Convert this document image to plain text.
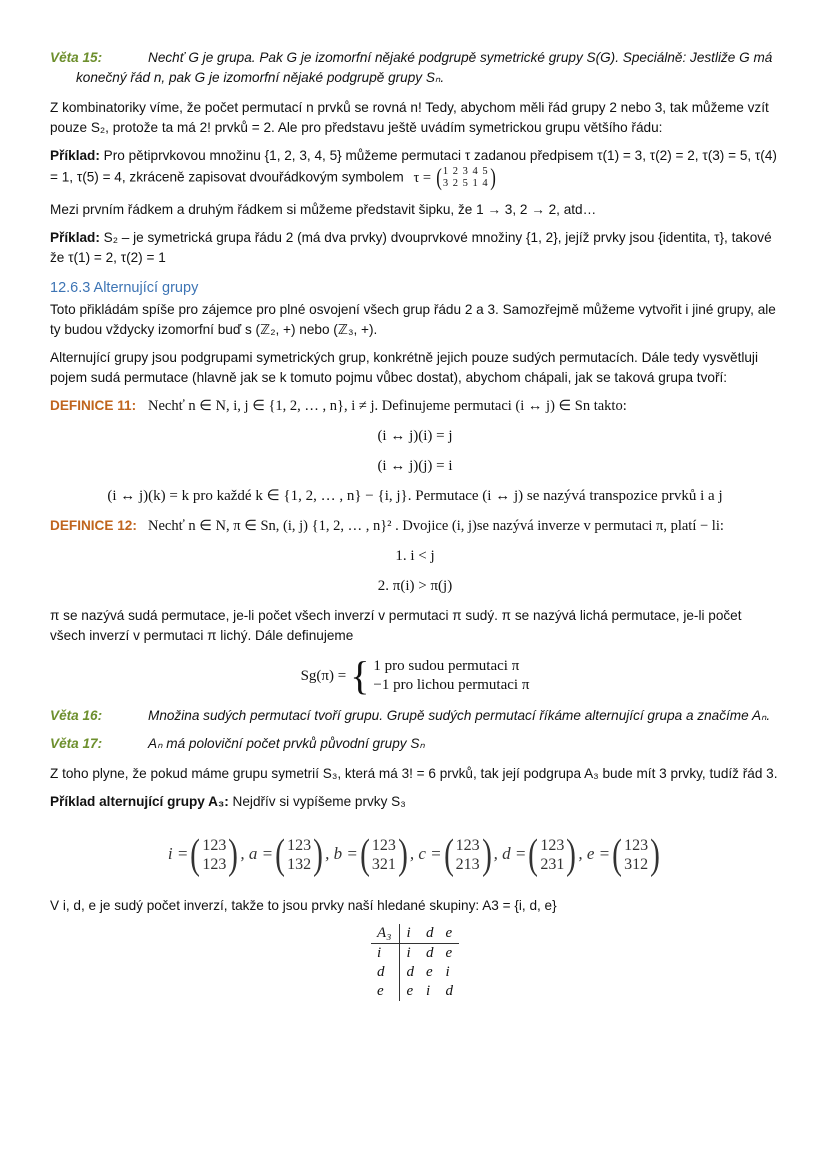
Věta 15:	Nechť G je grupa. Pak G je izomorfní nějaké podgrupě symetrické grupy S(G). Speciálně: Jestliže G má
konečný řád n, pak G je izomorfní nějaké podgrupě grupy Sₙ.

Z kombinatoriky víme, že počet permutací n prvků se rovná n! Tedy, abychom měli řád grupy 2 nebo 3, tak můžeme vzít pouze S₂, protože ta má 2! prvků = 2. Ale pro představu ještě uvádím symetrickou grupu většího řádu:

Příklad: Pro pětiprvkovou množinu {1, 2, 3, 4, 5} můžeme permutaci τ zadanou předpisem τ(1) = 3, τ(2) = 2, τ(3) = 5, τ(4) = 1, τ(5) = 4, zkráceně zapisovat dvouřádkovým symbolem τ = ( 1 2 3 4 5
3 2 5 1 4 )

Mezi prvním řádkem a druhým řádkem si můžeme představit šipku, že 1 → 3, 2 → 2, atd…

Příklad: S₂ – je symetrická grupa řádu 2 (má dva prvky) dvouprvkové množiny {1, 2}, jejíž prvky jsou {identita, τ}, takové že τ(1) = 2, τ(2) = 1

12.6.3 Alternující grupy

Toto přikládám spíše pro zájemce pro plné osvojení všech grup řádu 2 a 3. Samozřejmě můžeme vytvořit i jiné grupy, ale ty budou vždycky izomorfní buď s (ℤ₂, +) nebo (ℤ₃, +).

Alternující grupy jsou podgrupami symetrických grup, konkrétně jejich pouze sudých permutacích. Dále tedy vysvětluji pojem sudá permutace (hlavně jak se k tomuto pojmu vůbec dostat), abychom chápali, jak se taková grupa tvoří:

DEFINICE 11: Nechť n ∈ N, i, j ∈ {1, 2, … , n}, i ≠ j. Definujeme permutaci (i ↔ j) ∈ Sn takto:
(i ↔ j)(i) = j
(i ↔ j)(j) = i
(i ↔ j)(k) = k pro každé k ∈ {1, 2, … , n} − {i, j}. Permutace (i ↔ j) se nazývá transpozice prvků i a j
DEFINICE 12: Nechť n ∈ N, π ∈ Sn, (i, j) {1, 2, … , n}² . Dvojice (i, j)se nazývá inverze v permutaci π, platí − li:
1. i < j
2. π(i) > π(j)

π se nazývá sudá permutace, je-li počet všech inverzí v permutaci π sudý. π se nazývá lichá permutace, je-li počet všech inverzí v permutaci π lichý. Dále definujeme

Sg(π) = { 1 pro sudou permutaci π
−1 pro lichou permutaci π
Věta 16:	Množina sudých permutací tvoří grupu. Grupě sudých permutací říkáme alternující grupa a značíme Aₙ.
Věta 17:	Aₙ má poloviční počet prvků původní grupy Sₙ

Z toho plyne, že pokud máme grupu symetrií S₃, která má 3! = 6 prvků, tak její podgrupa A₃ bude mít 3 prvky, tudíž řád 3.

Příklad alternující grupy A₃: Nejdřív si vypíšeme prvky S₃

i = ( 123
123 ) , a = ( 123
132 ) , b = ( 123
321 ) , c = ( 123
213 ) , d = ( 123
231 ) , e = ( 123
312 )

V i, d, e je sudý počet inverzí, takže to jsou prvky naší hledané skupiny: A3 = {i, d, e}

A₃	i	d	e
i	i	d	e
d	d	e	i
e	e	i	d
